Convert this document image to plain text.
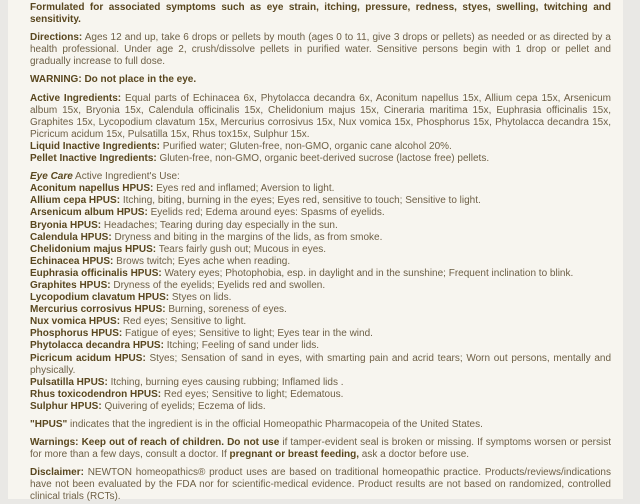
Formulated for associated symptoms such as eye strain, itching, pressure, redness, styes, swelling, twitching and sensitivity.

Directions: Ages 12 and up, take 6 drops or pellets by mouth (ages 0 to 11, give 3 drops or pellets) as needed or as directed by a health professional. Under age 2, crush/dissolve pellets in purified water. Sensitive persons begin with 1 drop or pellet and gradually increase to full dose.

WARNING: Do not place in the eye.

Active Ingredients: Equal parts of Echinacea 6x, Phytolacca decandra 6x, Aconitum napellus 15x, Allium cepa 15x, Arsenicum album 15x, Bryonia 15x, Calendula officinalis 15x, Chelidonium majus 15x, Cineraria maritima 15x, Euphrasia officinalis 15x, Graphites 15x, Lycopodium clavatum 15x, Mercurius corrosivus 15x, Nux vomica 15x, Phosphorus 15x, Phytolacca decandra 15x, Picricum acidum 15x, Pulsatilla 15x, Rhus tox15x, Sulphur 15x.

Liquid Inactive Ingredients: Purified water; Gluten-free, non-GMO, organic cane alcohol 20%.

Pellet Inactive Ingredients: Gluten-free, non-GMO, organic beet-derived sucrose (lactose free) pellets.

Eye Care Active Ingredient's Use:
Aconitum napellus HPUS: Eyes red and inflamed; Aversion to light.
Allium cepa HPUS: Itching, biting, burning in the eyes; Eyes red, sensitive to touch; Sensitive to light.
Arsenicum album HPUS: Eyelids red; Edema around eyes: Spasms of eyelids.
Bryonia HPUS: Headaches; Tearing during day especially in the sun.
Calendula HPUS: Dryness and biting in the margins of the lids, as from smoke.
Chelidonium majus HPUS: Tears fairly gush out; Mucous in eyes.
Echinacea HPUS: Brows twitch; Eyes ache when reading.
Euphrasia officinalis HPUS: Watery eyes; Photophobia, esp. in daylight and in the sunshine; Frequent inclination to blink.
Graphites HPUS: Dryness of the eyelids; Eyelids red and swollen.
Lycopodium clavatum HPUS: Styes on lids.
Mercurius corrosivus HPUS: Burning, soreness of eyes.
Nux vomica HPUS: Red eyes; Sensitive to light.
Phosphorus HPUS: Fatigue of eyes; Sensitive to light; Eyes tear in the wind.
Phytolacca decandra HPUS: Itching; Feeling of sand under lids.
Picricum acidum HPUS: Styes; Sensation of sand in eyes, with smarting pain and acrid tears; Worn out persons, mentally and physically.
Pulsatilla HPUS: Itching, burning eyes causing rubbing; Inflamed lids .
Rhus toxicodendron HPUS: Red eyes; Sensitive to light; Edematous.
Sulphur HPUS: Quivering of eyelids; Eczema of lids.

"HPUS" indicates that the ingredient is in the official Homeopathic Pharmacopeia of the United States.

Warnings: Keep out of reach of children. Do not use if tamper-evident seal is broken or missing. If symptoms worsen or persist for more than a few days, consult a doctor. If pregnant or breast feeding, ask a doctor before use.

Disclaimer: NEWTON homeopathics® product uses are based on traditional homeopathic practice. Products/reviews/indications have not been evaluated by the FDA nor for scientific-medical evidence. Product results are not based on randomized, controlled clinical trials (RCTs).
